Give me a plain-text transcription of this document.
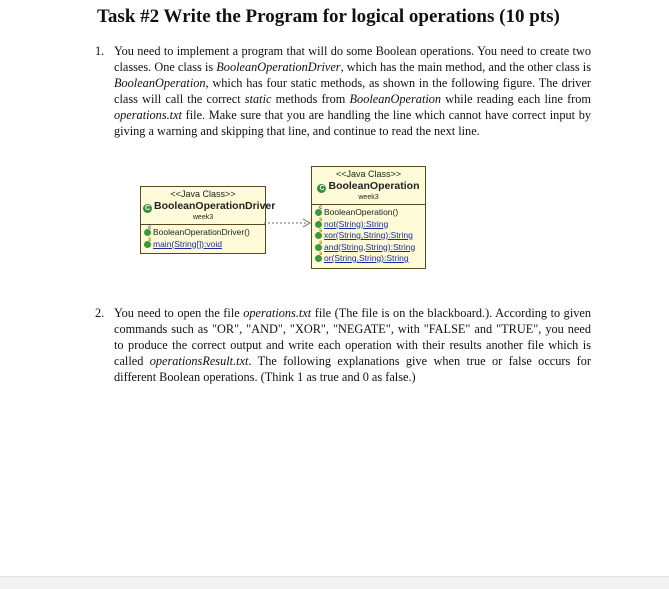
Task #2 Write the Program for logical operations (10 pts)
1. You need to implement a program that will do some Boolean operations. You need to create two classes. One class is BooleanOperationDriver, which has the main method, and the other class is BooleanOperation, which has four static methods, as shown in the following figure. The driver class will call the correct static methods from BooleanOperation while reading each line from operations.txt file. Make sure that you are handling the line which cannot have correct input by giving a warning and skipping that line, and continue to read the next line.
<<Java Class>>
C BooleanOperationDriver
week3
c
BooleanOperationDriver()
s
main(String[]):void
<<Java Class>>
C BooleanOperation
week3
c
BooleanOperation()
s
not(String):String
s
xor(String,String):String
s
and(String,String):String
s
or(String,String):String
2. You need to open the file operations.txt file (The file is on the blackboard.). According to given commands such as "OR", "AND", "XOR", "NEGATE", with "FALSE" and "TRUE", you need to produce the correct output and write each operation with their results another file which is called operationsResult.txt. The following explanations give when true or false occurs for different Boolean operations. (Think 1 as true and 0 as false.)
